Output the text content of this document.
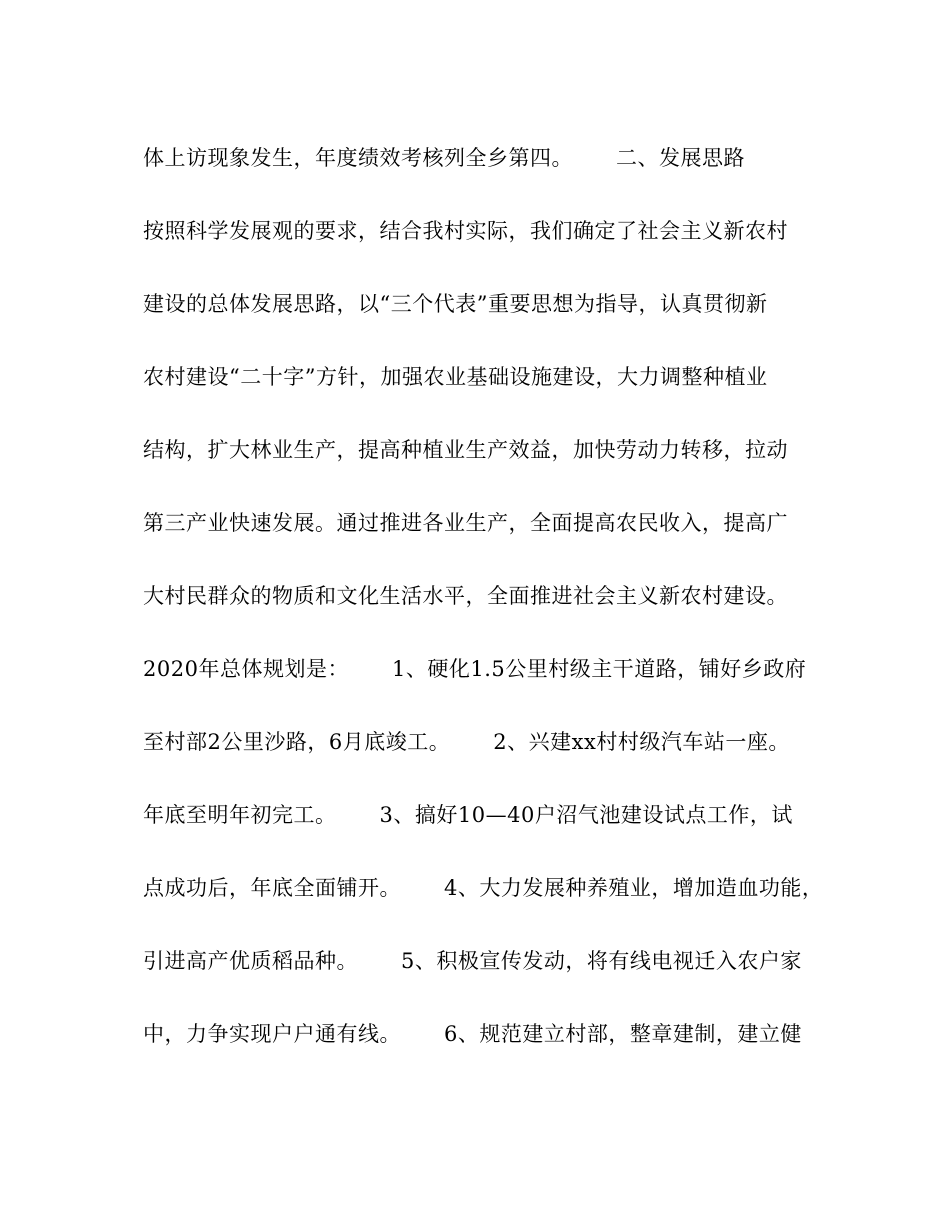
体上访现象发生，年度绩效考核列全乡第四。      二、发展思路
按照科学发展观的要求，结合我村实际，我们确定了社会主义新农村
建设的总体发展思路，以“三个代表”重要思想为指导，认真贯彻新
农村建设“二十字”方针，加强农业基础设施建设，大力调整种植业
结构，扩大林业生产，提高种植业生产效益，加快劳动力转移，拉动
第三产业快速发展。通过推进各业生产，全面提高农民收入，提高广
大村民群众的物质和文化生活水平，全面推进社会主义新农村建设。
2020年总体规划是：      1、硬化1.5公里村级主干道路，铺好乡政府
至村部2公里沙路，6月底竣工。      2、兴建xx村村级汽车站一座。
年底至明年初完工。      3、搞好10—40户沼气池建设试点工作，试
点成功后，年底全面铺开。      4、大力发展种养殖业，增加造血功能，
引进高产优质稻品种。      5、积极宣传发动，将有线电视迁入农户家
中，力争实现户户通有线。      6、规范建立村部，整章建制，建立健
